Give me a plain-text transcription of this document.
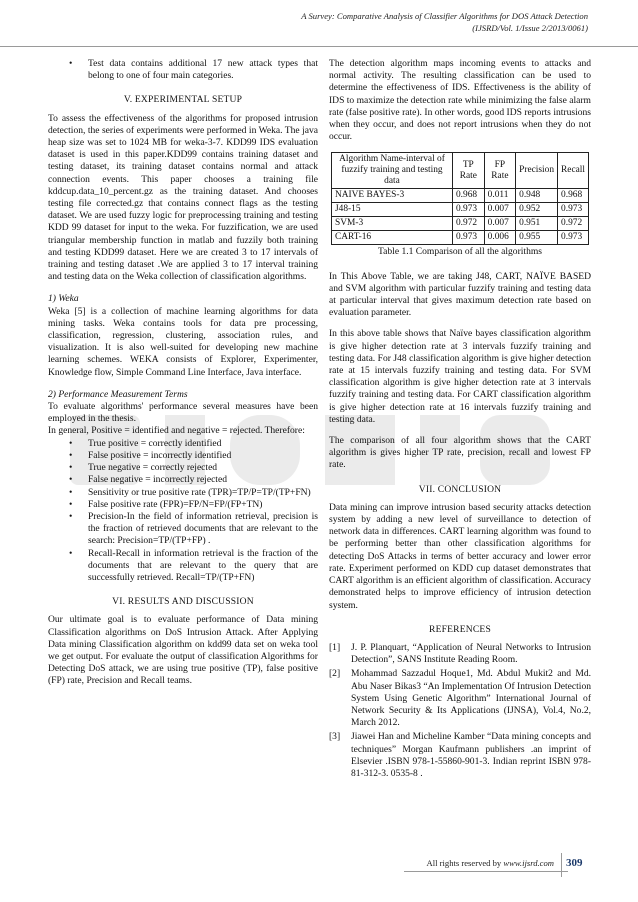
A Survey: Comparative Analysis of Classifier Algorithms for DOS Attack Detection
(IJSRD/Vol. 1/Issue 2/2013/0061)
• Test data contains additional 17 new attack types that belong to one of four main categories.
V. EXPERIMENTAL SETUP

To assess the effectiveness of the algorithms for proposed intrusion detection, the series of experiments were performed in Weka. The java heap size was set to 1024 MB for weka-3-7. KDD99 IDS evaluation dataset is used in this paper.KDD99 contains training dataset and testing dataset, its training dataset contains normal and attack connection events. This paper chooses a training file kddcup.data_10_percent.gz as the training dataset. And chooses testing file corrected.gz that contains connect flags as the testing dataset. We are used fuzzy logic for preprocessing training and testing KDD 99 dataset for input to the weka. For fuzzification, we are used triangular membership function in matlab and fuzzily both training and testing KDD99 dataset. Here we are created 3 to 17 intervals of training and testing dataset .We are applied 3 to 17 interval training and testing data on the Weka collection of classification algorithms.

1) Weka

Weka [5] is a collection of machine learning algorithms for data mining tasks. Weka contains tools for data pre processing, classification, regression, clustering, association rules, and visualization. It is also well-suited for developing new machine learning schemes. WEKA consists of Explorer, Experimenter, Knowledge flow, Simple Command Line Interface, Java interface.

2) Performance Measurement Terms
To evaluate algorithms' performance several measures have been employed in the thesis.
In general, Positive = identified and negative = rejected. Therefore:
• True positive = correctly identified
• False positive = incorrectly identified
• True negative = correctly rejected
• False negative = incorrectly rejected
• Sensitivity or true positive rate (TPR)=TP/P=TP/(TP+FN)
• False positive rate (FPR)=FP/N=FP/(FP+TN)
• Precision-In the field of information retrieval, precision is the fraction of retrieved documents that are relevant to the search: Precision=TP/(TP+FP) .
• Recall-Recall in information retrieval is the fraction of the documents that are relevant to the query that are successfully retrieved. Recall=TP/(TP+FN)
VI. RESULTS AND DISCUSSION

Our ultimate goal is to evaluate performance of Data mining Classification algorithms on DoS Intrusion Attack. After Applying Data mining Classification algorithm on kdd99 data set on weka tool we get output. For evaluate the output of classification Algorithms for Detecting DoS attack, we are using true positive (TP), false positive (FP) rate, Precision and Recall teams.

The detection algorithm maps incoming events to attacks and normal activity. The resulting classification can be used to determine the effectiveness of IDS. Effectiveness is the ability of IDS to maximize the detection rate while minimizing the false alarm rate (false positive rate). In other words, good IDS reports intrusions when they occur, and does not report intrusions when they do not occur.

Algorithm Name-interval of fuzzify training and testing data	TP Rate	FP Rate	Precision	Recall
NAIVE BAYES-3	0.968	0.011	0.948	0.968
J48-15	0.973	0.007	0.952	0.973
SVM-3	0.972	0.007	0.951	0.972
CART-16	0.973	0.006	0.955	0.973
Table 1.1 Comparison of all the algorithms

In This Above Table, we are taking J48, CART, NAÏVE BASED and SVM algorithm with particular fuzzify training and testing data at particular interval that gives maximum detection rate based on evaluation parameter.

In this above table shows that Naïve bayes classification algorithm is give higher detection rate at 3 intervals fuzzify training and testing data. For J48 classification algorithm is give higher detection rate at 15 intervals fuzzify training and testing data. For SVM classification algorithm is give higher detection rate at 3 intervals fuzzify training and testing data. For CART classification algorithm is give higher detection rate at 16 intervals fuzzify training and testing data.

The comparison of all four algorithm shows that the CART algorithm is gives higher TP rate, precision, recall and lowest FP rate.

VII. CONCLUSION

Data mining can improve intrusion based security attacks detection system by adding a new level of surveillance to detection of network data in differences. CART learning algorithm was found to be performing better than other classification algorithms for detecting DoS Attacks in terms of better accuracy and lower error rate. Experiment performed on KDD cup dataset demonstrates that CART algorithm is an efficient algorithm of classification. Accuracy demonstrated helps to improve efficiency of intrusion detection system.

REFERENCES
[1] J. P. Planquart, “Application of Neural Networks to Intrusion Detection”, SANS Institute Reading Room.
[2] Mohammad Sazzadul Hoque1, Md. Abdul Mukit2 and Md. Abu Naser Bikas3 “An Implementation Of Intrusion Detection System Using Genetic Algorithm” International Journal of Network Security & Its Applications (IJNSA), Vol.4, No.2, March 2012.
[3] Jiawei Han and Micheline Kamber “Data mining concepts and techniques” Morgan Kaufmann publishers .an imprint of Elsevier .ISBN 978-1-55860-901-3. Indian reprint ISBN 978-81-312-3. 0535-8 .
All rights reserved by www.ijsrd.com 309
